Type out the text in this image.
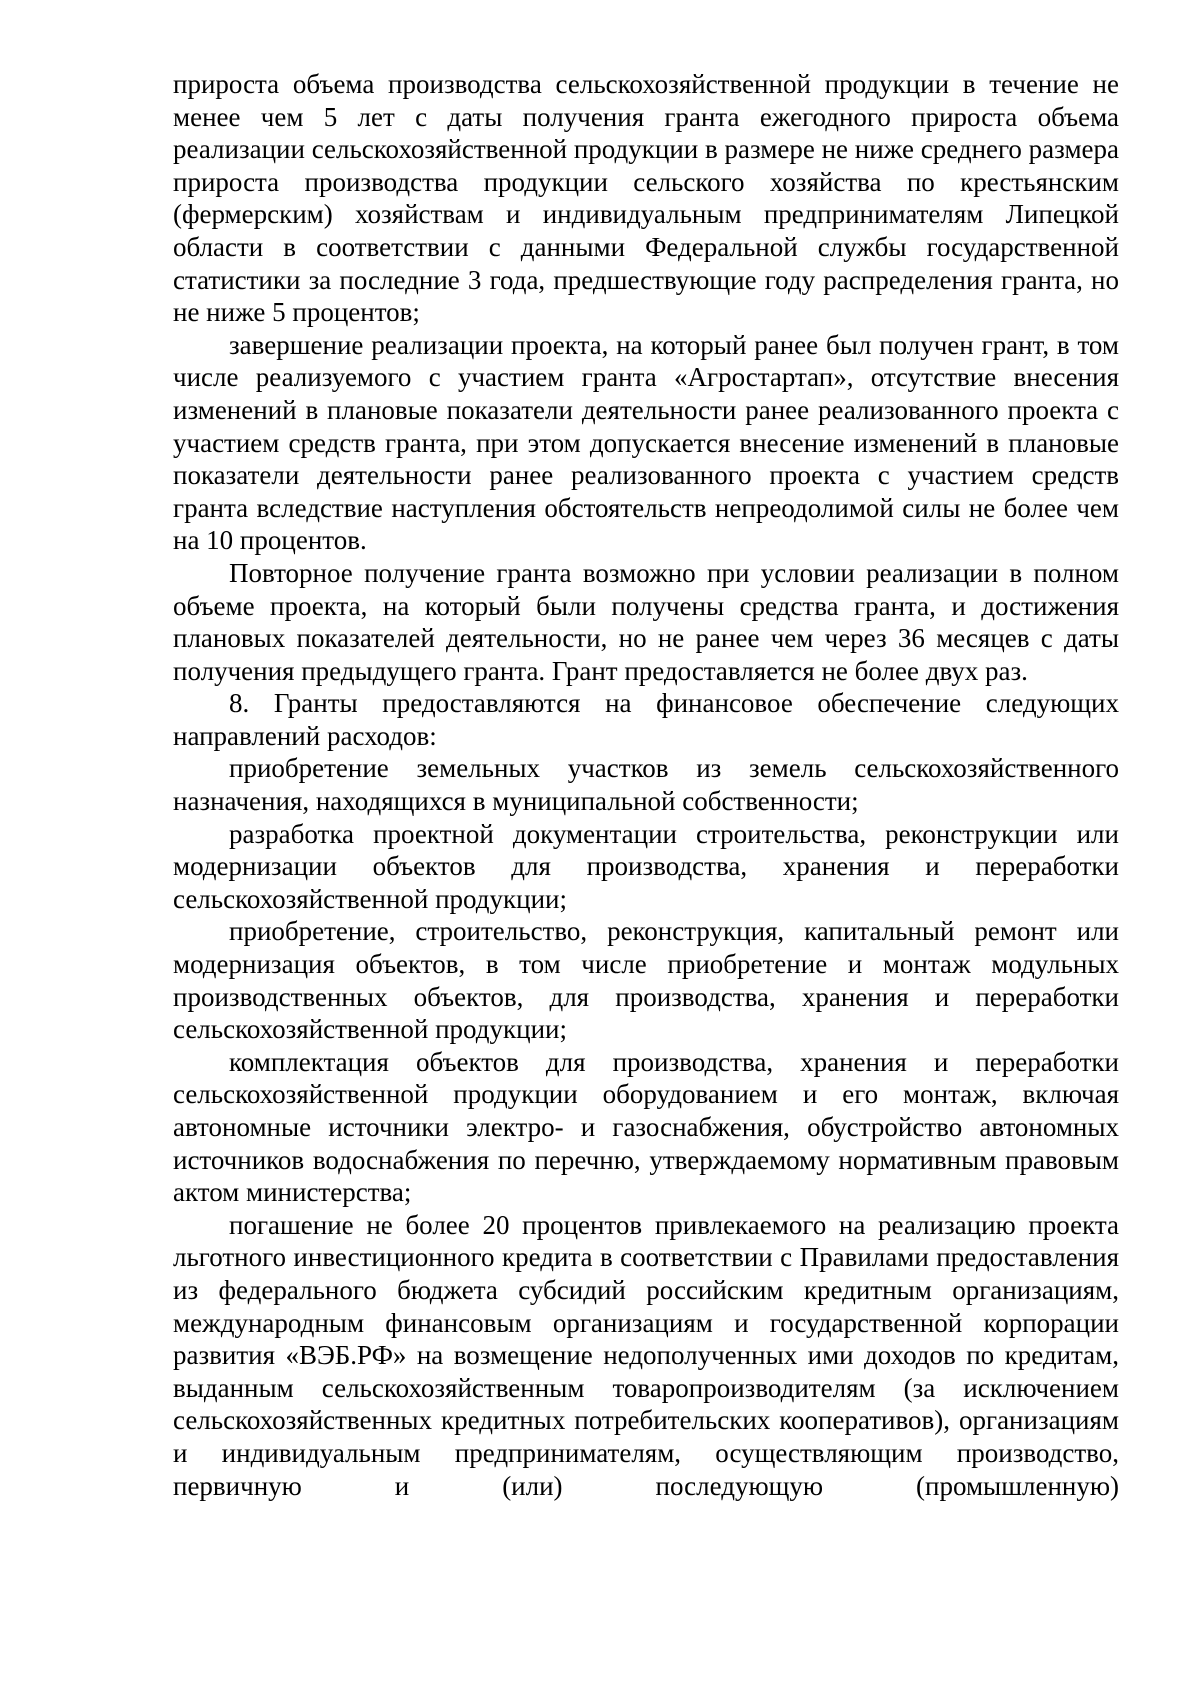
прироста объема производства сельскохозяйственной продукции в течение не менее чем 5 лет с даты получения гранта ежегодного прироста объема реализации сельскохозяйственной продукции в размере не ниже среднего размера прироста производства продукции сельского хозяйства по крестьянским (фермерским) хозяйствам и индивидуальным предпринимателям Липецкой области в соответствии с данными Федеральной службы государственной статистики за последние 3 года, предшествующие году распределения гранта, но не ниже 5 процентов;

завершение реализации проекта, на который ранее был получен грант, в том числе реализуемого с участием гранта «Агростартап», отсутствие внесения изменений в плановые показатели деятельности ранее реализованного проекта с участием средств гранта, при этом допускается внесение изменений в плановые показатели деятельности ранее реализованного проекта с участием средств гранта вследствие наступления обстоятельств непреодолимой силы не более чем на 10 процентов.

Повторное получение гранта возможно при условии реализации в полном объеме проекта, на который были получены средства гранта, и достижения плановых показателей деятельности, но не ранее чем через 36 месяцев с даты получения предыдущего гранта. Грант предоставляется не более двух раз.

8. Гранты предоставляются на финансовое обеспечение следующих направлений расходов:

приобретение земельных участков из земель сельскохозяйственного назначения, находящихся в муниципальной собственности;

разработка проектной документации строительства, реконструкции или модернизации объектов для производства, хранения и переработки сельскохозяйственной продукции;

приобретение, строительство, реконструкция, капитальный ремонт или модернизация объектов, в том числе приобретение и монтаж модульных производственных объектов, для производства, хранения и переработки сельскохозяйственной продукции;

комплектация объектов для производства, хранения и переработки сельскохозяйственной продукции оборудованием и его монтаж, включая автономные источники электро- и газоснабжения, обустройство автономных источников водоснабжения по перечню, утверждаемому нормативным правовым актом министерства;

погашение не более 20 процентов привлекаемого на реализацию проекта льготного инвестиционного кредита в соответствии с Правилами предоставления из федерального бюджета субсидий российским кредитным организациям, международным финансовым организациям и государственной корпорации развития «ВЭБ.РФ» на возмещение недополученных ими доходов по кредитам, выданным сельскохозяйственным товаропроизводителям (за исключением сельскохозяйственных кредитных потребительских кооперативов), организациям и индивидуальным предпринимателям, осуществляющим производство, первичную и (или) последующую (промышленную)
